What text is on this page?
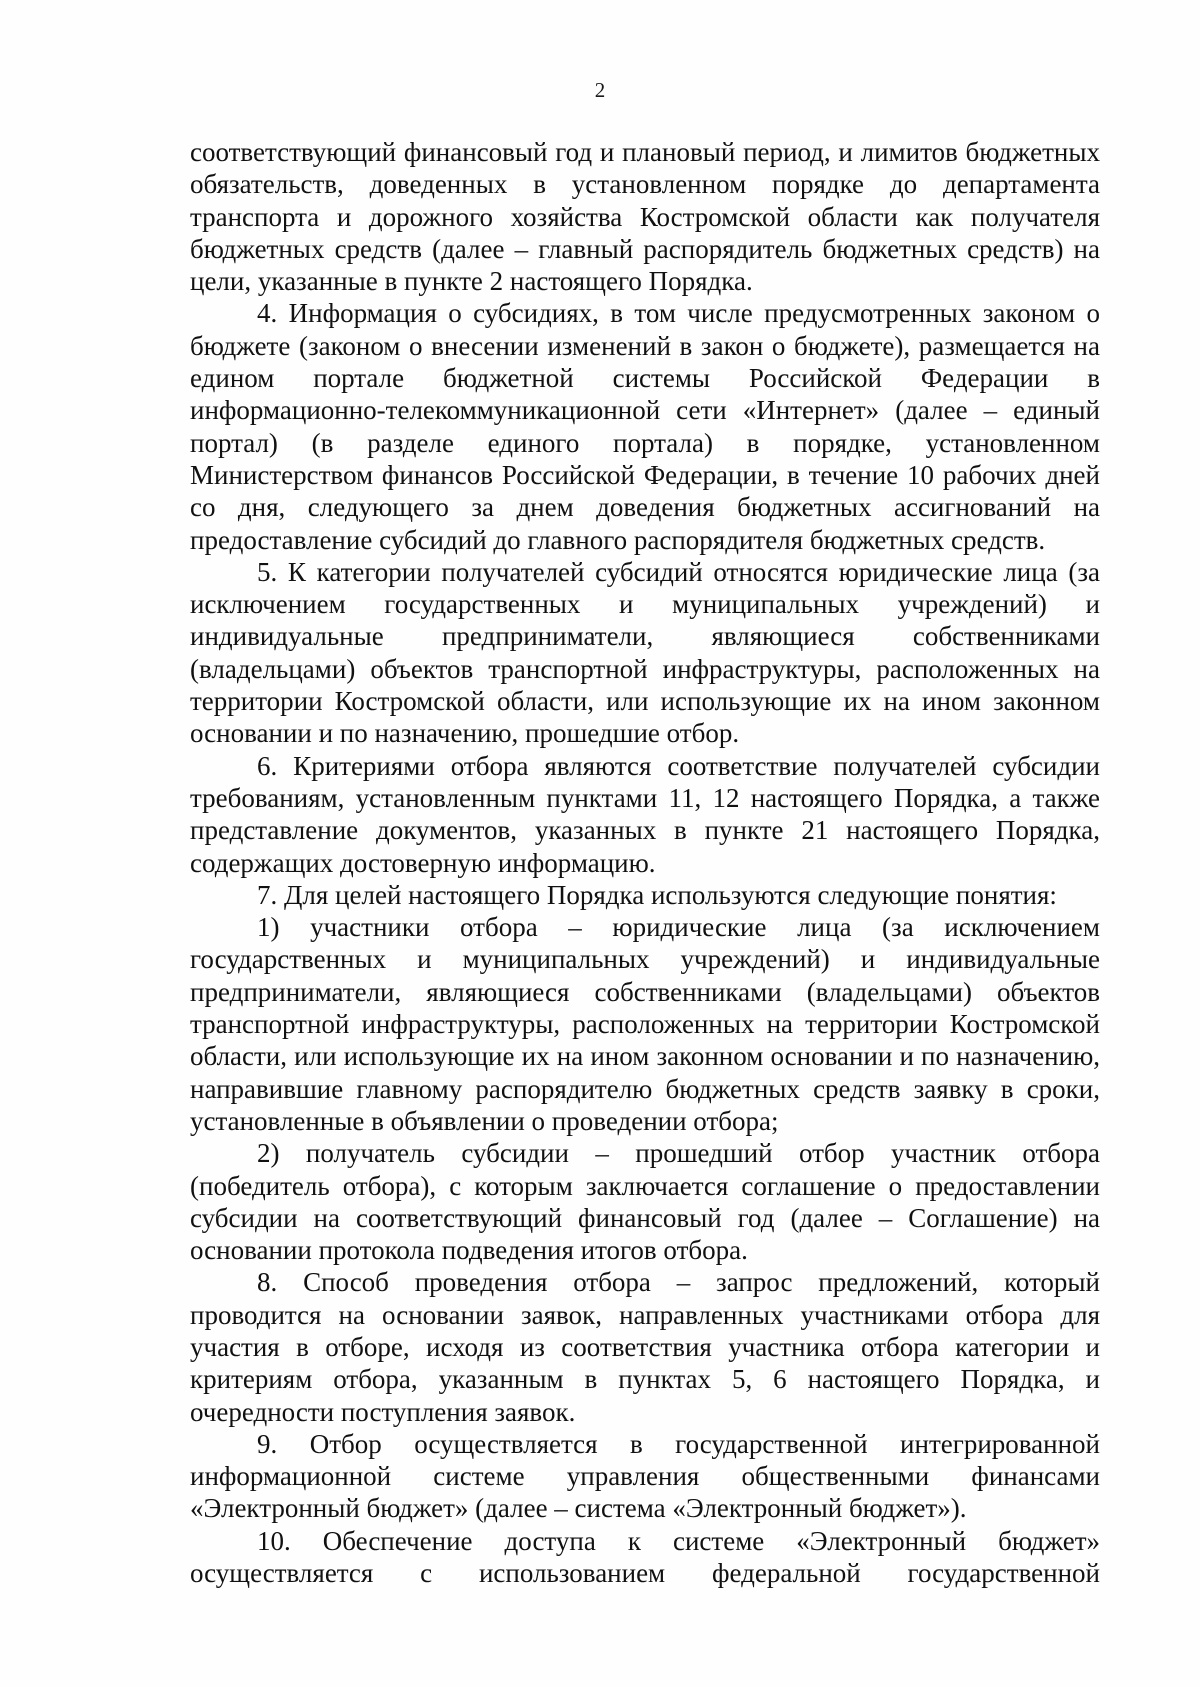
2

соответствующий финансовый год и плановый период, и лимитов бюджетных обязательств, доведенных в установленном порядке до департамента транспорта и дорожного хозяйства Костромской области как получателя бюджетных средств (далее – главный распорядитель бюджетных средств) на цели, указанные в пункте 2 настоящего Порядка.

4. Информация о субсидиях, в том числе предусмотренных законом о бюджете (законом о внесении изменений в закон о бюджете), размещается на едином портале бюджетной системы Российской Федерации в информационно-телекоммуникационной сети «Интернет» (далее – единый портал) (в разделе единого портала) в порядке, установленном Министерством финансов Российской Федерации, в течение 10 рабочих дней со дня, следующего за днем доведения бюджетных ассигнований на предоставление субсидий до главного распорядителя бюджетных средств.

5. К категории получателей субсидий относятся юридические лица (за исключением государственных и муниципальных учреждений) и индивидуальные предприниматели, являющиеся собственниками (владельцами) объектов транспортной инфраструктуры, расположенных на территории Костромской области, или использующие их на ином законном основании и по назначению, прошедшие отбор.

6. Критериями отбора являются соответствие получателей субсидии требованиям, установленным пунктами 11, 12 настоящего Порядка, а также представление документов, указанных в пункте 21 настоящего Порядка, содержащих достоверную информацию.

7. Для целей настоящего Порядка используются следующие понятия:

1) участники отбора – юридические лица (за исключением государственных и муниципальных учреждений) и индивидуальные предприниматели, являющиеся собственниками (владельцами) объектов транспортной инфраструктуры, расположенных на территории Костромской области, или использующие их на ином законном основании и по назначению, направившие главному распорядителю бюджетных средств заявку в сроки, установленные в объявлении о проведении отбора;

2) получатель субсидии – прошедший отбор участник отбора (победитель отбора), с которым заключается соглашение о предоставлении субсидии на соответствующий финансовый год (далее – Соглашение) на основании протокола подведения итогов отбора.

8. Способ проведения отбора – запрос предложений, который проводится на основании заявок, направленных участниками отбора для участия в отборе, исходя из соответствия участника отбора категории и критериям отбора, указанным в пунктах 5, 6 настоящего Порядка, и очередности поступления заявок.

9. Отбор осуществляется в государственной интегрированной информационной системе управления общественными финансами «Электронный бюджет» (далее – система «Электронный бюджет»).

10. Обеспечение доступа к системе «Электронный бюджет» осуществляется с использованием федеральной государственной
